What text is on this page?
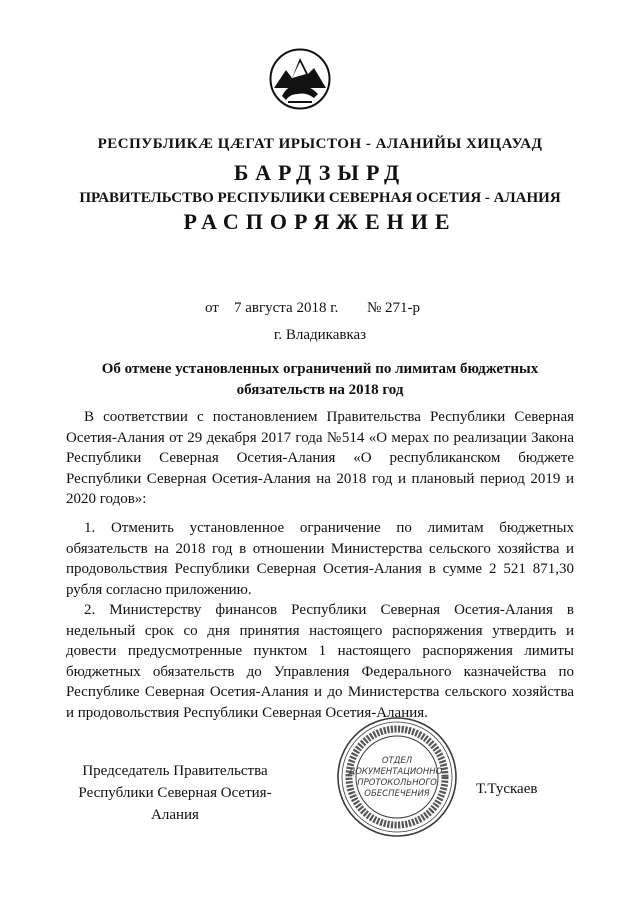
РЕСПУБЛИКӔ ЦӔГАТ ИРЫСТОН - АЛАНИЙЫ ХИЦАУАД
БАРДЗЫРД
ПРАВИТЕЛЬСТВО РЕСПУБЛИКИ СЕВЕРНАЯ ОСЕТИЯ - АЛАНИЯ
РАСПОРЯЖЕНИЕ
от 7 августа 2018 г. № 271-р
г. Владикавказ
Об отмене установленных ограничений по лимитам бюджетных
обязательств на 2018 год
В соответствии с постановлением Правительства Республики Северная Осетия-Алания от 29 декабря 2017 года №514 «О мерах по реализации Закона Республики Северная Осетия-Алания «О республиканском бюджете Республики Северная Осетия-Алания на 2018 год и плановый период 2019 и 2020 годов»:
1. Отменить установленное ограничение по лимитам бюджетных обязательств на 2018 год в отношении Министерства сельского хозяйства и продовольствия Республики Северная Осетия-Алания в сумме 2 521 871,30 рубля согласно приложению.
2. Министерству финансов Республики Северная Осетия-Алания в недельный срок со дня принятия настоящего распоряжения утвердить и довести предусмотренные пунктом 1 настоящего распоряжения лимиты бюджетных обязательств до Управления Федерального казначейства по Республике Северная Осетия-Алания и до Министерства сельского хозяйства и продовольствия Республики Северная Осетия-Алания.
Председатель Правительства
Республики Северная Осетия-Алания
ОТДЕЛ
ДОКУМЕНТАЦИОННО-
ПРОТОКОЛЬНОГО
ОБЕСПЕЧЕНИЯ	Т.Тускаев
